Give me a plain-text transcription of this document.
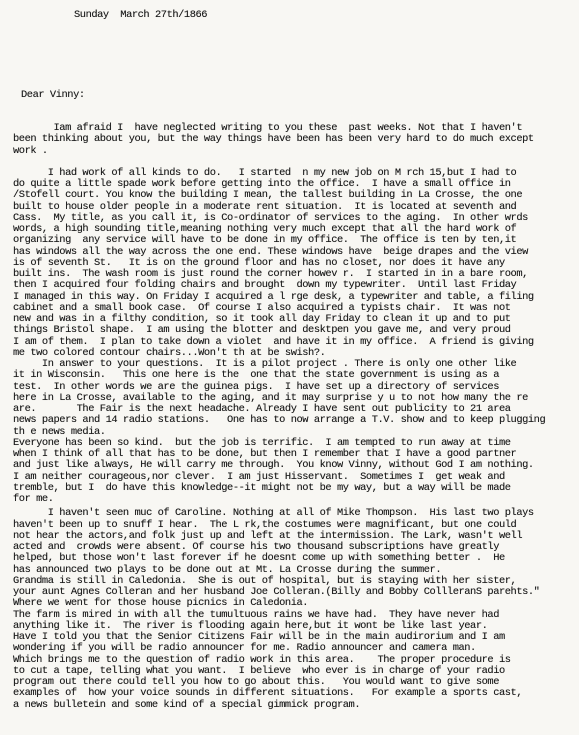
Sunday  March 27th/1866
Dear Vinny:
Iam afraid I  have neglected writing to you these  past weeks. Not that I haven't
been thinking about you, but the way things have been has been very hard to do much except
work .
I had work of all kinds to do.   I started  n my new job on M rch 15,but I had to
do quite a little spade work before getting into the office.  I have a small office in
/Stofell court. You know the building I mean, the tallest building in La Crosse, the one
built to house older people in a moderate rent situation.  It is located at seventh and
Cass.  My title, as you call it, is Co-ordinator of services to the aging.  In other wrds
words, a high sounding title,meaning nothing very much except that all the hard work of
organizing  any service will have to be done in my office.  The office is ten by ten,it
has windows all the way across the one end. These windows have  beige drapes and the view
is of seventh St.   It is on the ground floor and has no closet, nor does it have any
built ins.  The wash room is just round the corner howev r.  I started in in a bare room,
then I acquired four folding chairs and brought  down my typewriter.  Until last Friday
I managed in this way. On Friday I acquired a l rge desk, a typewriter and table, a filing
cabinet and a small book case.  Of course I also acquired a typists chair.  It was not
new and was in a filthy condition, so it took all day Friday to clean it up and to put
things Bristol shape.  I am using the blotter and desktpen you gave me, and very proud
I am of them.  I plan to take down a violet  and have it in my office.  A friend is giving
me two colored contour chairs...Won't th at be swish?.
In answer to your questions.  It is a pilot project . There is only one other like
it in Wisconsin.   This one here is the  one that the state government is using as a
test.  In other words we are the guinea pigs.  I have set up a directory of services
here in La Crosse, available to the aging, and it may surprise y u to not how many the re
are.       The Fair is the next headache. Already I have sent out publicity to 21 area
news papers and 14 radio stations.   One has to now arrange a T.V. show and to keep plugging
th e news media.
Everyone has been so kind.  but the job is terrific.  I am tempted to run away at time
when I think of all that has to be done, but then I remember that I have a good partner
and just like always, He will carry me through.  You know Vinny, without God I am nothing.
I am neither courageous,nor clever.  I am just Hisservant.  Sometimes I  get weak and
tremble, but I  do have this knowledge--it might not be my way, but a way will be made
for me.
I haven't seen muc of Caroline. Nothing at all of Mike Thompson.  His last two plays
haven't been up to snuff I hear.  The L rk,the costumes were magnificant, but one could
not hear the actors,and folk just up and left at the intermission. The Lark, wasn't well
acted and  crowds were absent. Of course his two thousand subscriptions have greatly
helped, but those won't last forever if he doesnt come up with something better .  He
has announced two plays to be done out at Mt. La Crosse during the summer.
Grandma is still in Caledonia.  She is out of hospital, but is staying with her sister,
your aunt Agnes Colleran and her husband Joe Colleran.(Billy and Bobby CollleranS parehts."
Where we went for those house picnics in Caledonia.
The farm is mired in with all the tumultuous rains we have had.  They have never had
anything like it.  The river is flooding again here,but it wont be like last year.
Have I told you that the Senior Citizens Fair will be in the main audirorium and I am
wondering if you will be radio announcer for me. Radio announcer and camera man.
Which brings me to the question of radio work in this area.    The proper procedure is
to cut a tape, telling what you want.  I believe  who ever is in charge of your radio
program out there could tell you how to go about this.   You would want to give some
examples of  how your voice sounds in different situations.   For example a sports cast,
a news bulletein and some kind of a special gimmick program.
